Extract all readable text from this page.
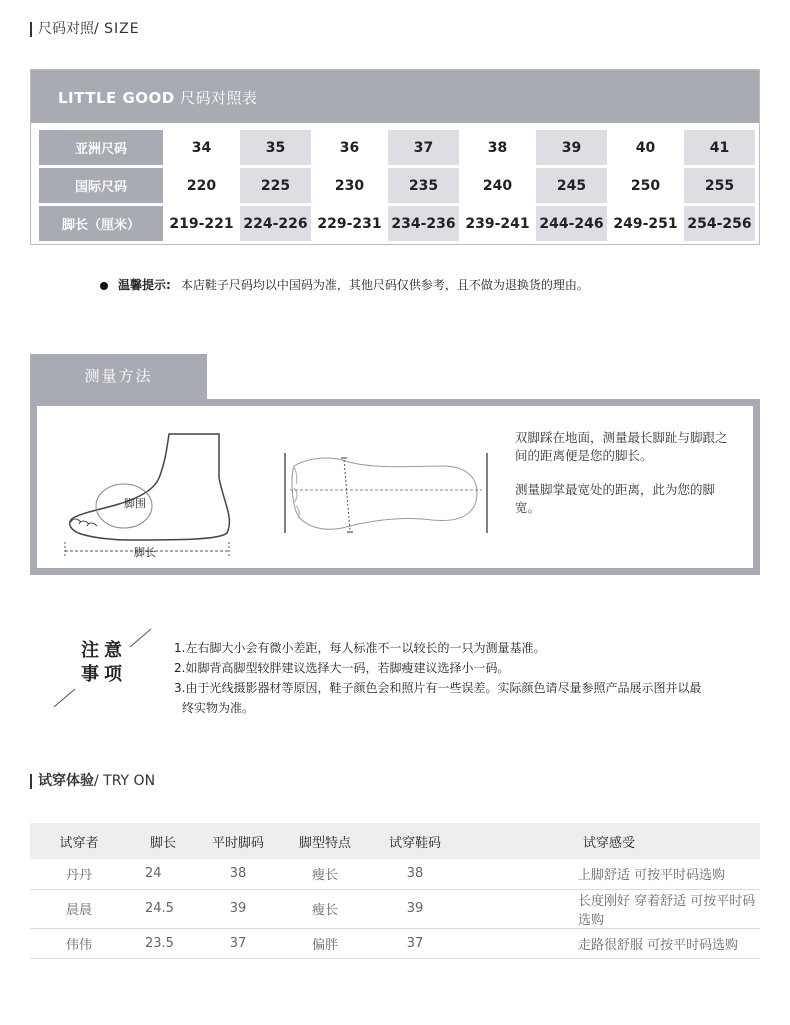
尺码对照/ SIZE
LITTLE GOOD 尺码对照表
亚洲尺码	34	35	36	37	38	39	40	41
国际尺码	220	225	230	235	240	245	250	255
脚长（厘米）	219-221	224-226	229-231	234-236	239-241	244-246	249-251	254-256
温馨提示: 本店鞋子尺码均以中国码为准，其他尺码仅供参考，且不做为退换货的理由。
测量方法
脚围
脚长

双脚踩在地面，测量最长脚趾与脚跟之间的距离便是您的脚长。

测量脚掌最宽处的距离，此为您的脚宽。

注意事项
1.左右脚大小会有微小差距，每人标准不一以较长的一只为测量基准。
2.如脚背高脚型较胖建议选择大一码，若脚瘦建议选择小一码。
3.由于光线摄影器材等原因，鞋子颜色会和照片有一些误差。实际颜色请尽量参照产品展示图并以最
终实物为准。
试穿体验/ TRY ON
试穿者	脚长	平时脚码	脚型特点	试穿鞋码	试穿感受
丹丹	24	38	瘦长	38	上脚舒适 可按平时码选购
晨晨	24.5	39	瘦长	39	长度刚好 穿着舒适 可按平时码选购
伟伟	23.5	37	偏胖	37	走路很舒服 可按平时码选购
